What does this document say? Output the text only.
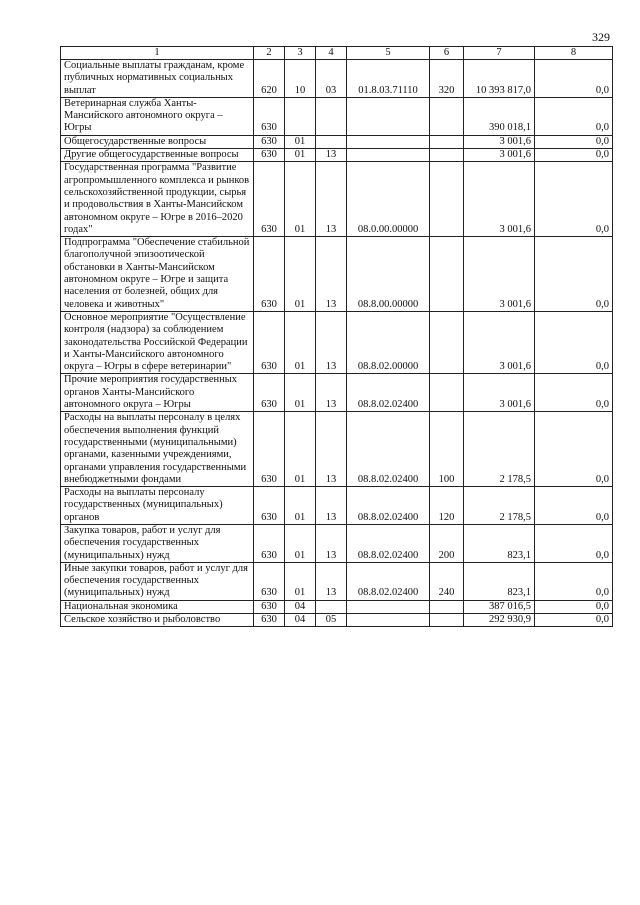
329
1	2	3	4	5	6	7	8
Социальные выплаты гражданам, кроме публичных нормативных социальных выплат	620	10	03	01.8.03.71110	320	10 393 817,0	0,0
Ветеринарная служба Ханты-Мансийского автономного округа – Югры	630					390 018,1	0,0
Общегосударственные вопросы	630	01				3 001,6	0,0
Другие общегосударственные вопросы	630	01	13			3 001,6	0,0
Государственная программа "Развитие агропромышленного комплекса и рынков сельскохозяйственной продукции, сырья и продовольствия в Ханты-Мансийском автономном округе – Югре в 2016–2020 годах"	630	01	13	08.0.00.00000		3 001,6	0,0
Подпрограмма "Обеспечение стабильной благополучной эпизоотической обстановки в Ханты-Мансийском автономном округе – Югре и защита населения от болезней, общих для человека и животных"	630	01	13	08.8.00.00000		3 001,6	0,0
Основное мероприятие "Осуществление контроля (надзора) за соблюдением законодательства Российской Федерации и Ханты-Мансийского автономного округа – Югры в сфере ветеринарии"	630	01	13	08.8.02.00000		3 001,6	0,0
Прочие мероприятия государственных органов Ханты-Мансийского автономного округа – Югры	630	01	13	08.8.02.02400		3 001,6	0,0
Расходы на выплаты персоналу в целях обеспечения выполнения функций государственными (муниципальными) органами, казенными учреждениями, органами управления государственными внебюджетными фондами	630	01	13	08.8.02.02400	100	2 178,5	0,0
Расходы на выплаты персоналу государственных (муниципальных) органов	630	01	13	08.8.02.02400	120	2 178,5	0,0
Закупка товаров, работ и услуг для обеспечения государственных (муниципальных) нужд	630	01	13	08.8.02.02400	200	823,1	0,0
Иные закупки товаров, работ и услуг для обеспечения государственных (муниципальных) нужд	630	01	13	08.8.02.02400	240	823,1	0,0
Национальная экономика	630	04				387 016,5	0,0
Сельское хозяйство и рыболовство	630	04	05			292 930,9	0,0
